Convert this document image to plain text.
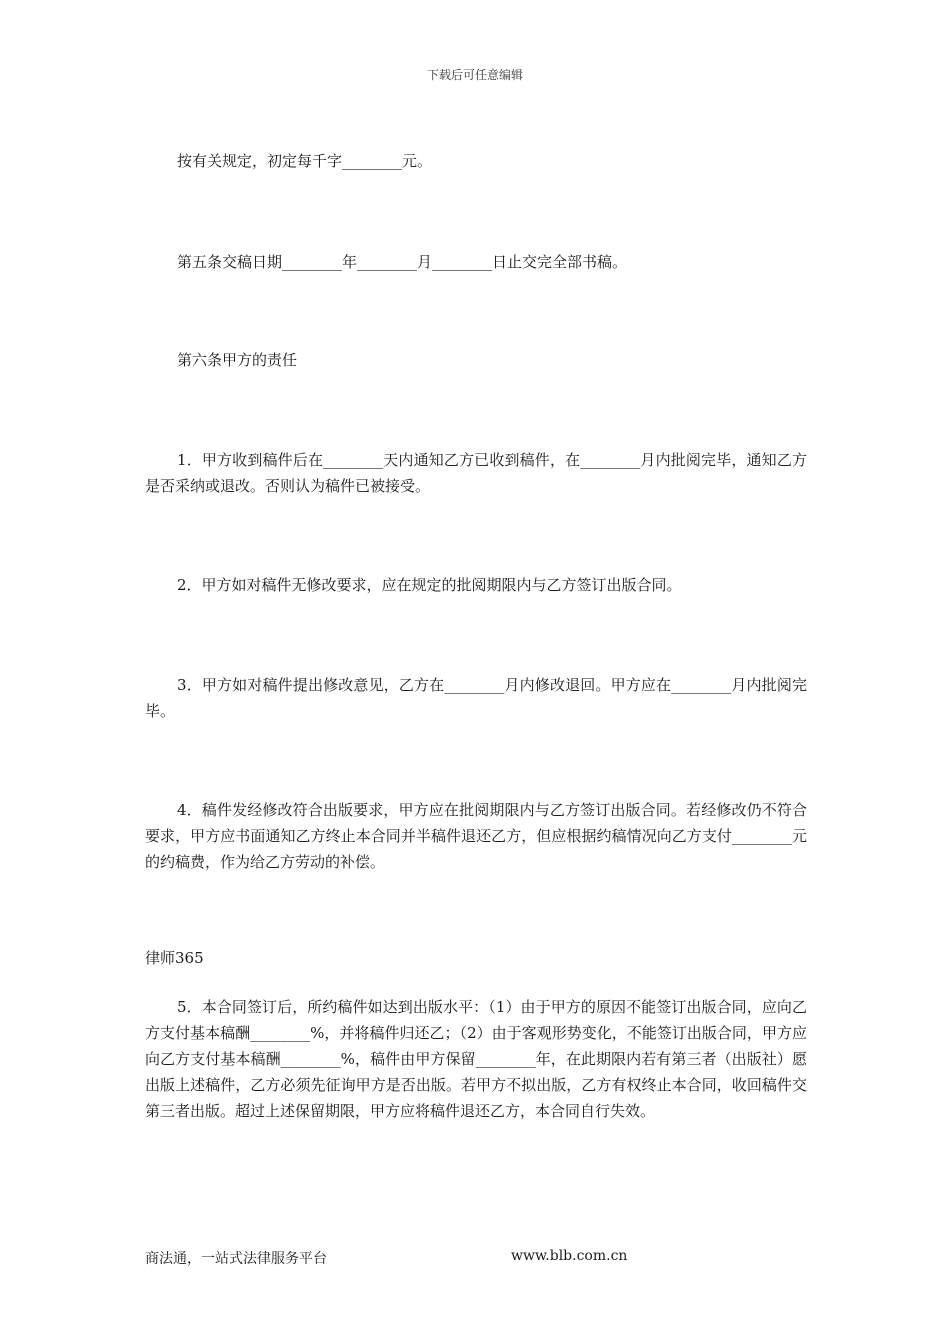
下载后可任意编辑

按有关规定，初定每千字________元。

第五条交稿日期________年________月________日止交完全部书稿。

第六条甲方的责任

1．甲方收到稿件后在________天内通知乙方已收到稿件，在________月内批阅完毕，通知乙方是否采纳或退改。否则认为稿件已被接受。

2．甲方如对稿件无修改要求，应在规定的批阅期限内与乙方签订出版合同。

3．甲方如对稿件提出修改意见，乙方在________月内修改退回。甲方应在________月内批阅完毕。

4．稿件发经修改符合出版要求，甲方应在批阅期限内与乙方签订出版合同。若经修改仍不符合要求，甲方应书面通知乙方终止本合同并半稿件退还乙方，但应根据约稿情况向乙方支付________元的约稿费，作为给乙方劳动的补偿。

律师365

5．本合同签订后，所约稿件如达到出版水平：（1）由于甲方的原因不能签订出版合同，应向乙方支付基本稿酬________%，并将稿件归还乙；（2）由于客观形势变化，不能签订出版合同，甲方应向乙方支付基本稿酬________%，稿件由甲方保留________年，在此期限内若有第三者（出版社）愿出版上述稿件，乙方必须先征询甲方是否出版。若甲方不拟出版，乙方有权终止本合同，收回稿件交第三者出版。超过上述保留期限，甲方应将稿件退还乙方，本合同自行失效。

商法通，一站式法律服务平台	www.blb.com.cn
